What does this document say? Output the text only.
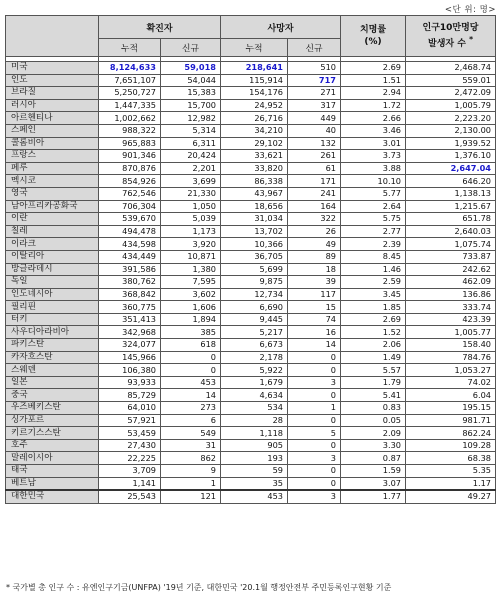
<단 위: 명>
	확진자		사망자		치명률
(%)	인구10만명당
발생자 수 *
	누적	신규	누적	신규		

미국	8,124,633	59,018	218,641	510	2.69	2,468.74
인도	7,651,107	54,044	115,914	717	1.51	559.01
브라질	5,250,727	15,383	154,176	271	2.94	2,472.09
러시아	1,447,335	15,700	24,952	317	1.72	1,005.79
아르헨티나	1,002,662	12,982	26,716	449	2.66	2,223.20
스페인	988,322	5,314	34,210	40	3.46	2,130.00
콜롬비아	965,883	6,311	29,102	132	3.01	1,939.52
프랑스	901,346	20,424	33,621	261	3.73	1,376.10
페루	870,876	2,201	33,820	61	3.88	2,647.04
멕시코	854,926	3,699	86,338	171	10.10	646.20
영국	762,546	21,330	43,967	241	5.77	1,138.13
남아프리카공화국	706,304	1,050	18,656	164	2.64	1,215.67
이란	539,670	5,039	31,034	322	5.75	651.78
칠레	494,478	1,173	13,702	26	2.77	2,640.03
이라크	434,598	3,920	10,366	49	2.39	1,075.74
이탈리아	434,449	10,871	36,705	89	8.45	733.87
방글라데시	391,586	1,380	5,699	18	1.46	242.62
독일	380,762	7,595	9,875	39	2.59	462.09
인도네시아	368,842	3,602	12,734	117	3.45	136.86
필리핀	360,775	1,606	6,690	15	1.85	333.74
터키	351,413	1,894	9,445	74	2.69	423.39
사우디아라비아	342,968	385	5,217	16	1.52	1,005.77
파키스탄	324,077	618	6,673	14	2.06	158.40
카자흐스탄	145,966	0	2,178	0	1.49	784.76
스웨덴	106,380	0	5,922	0	5.57	1,053.27
일본	93,933	453	1,679	3	1.79	74.02
중국	85,729	14	4,634	0	5.41	6.04
우즈베키스탄	64,010	273	534	1	0.83	195.15
싱가포르	57,921	6	28	0	0.05	981.71
키르기스스탄	53,459	549	1,118	5	2.09	862.24
호주	27,430	31	905	0	3.30	109.28
말레이시아	22,225	862	193	3	0.87	68.38
태국	3,709	9	59	0	1.59	5.35
베트남	1,141	1	35	0	3.07	1.17
대한민국	25,543	121	453	3	1.77	49.27
* 국가별 총 인구 수 : 유엔인구기금(UNFPA) '19년 기준, 대한민국 '20.1월 행정안전부 주민등록인구현황 기준
